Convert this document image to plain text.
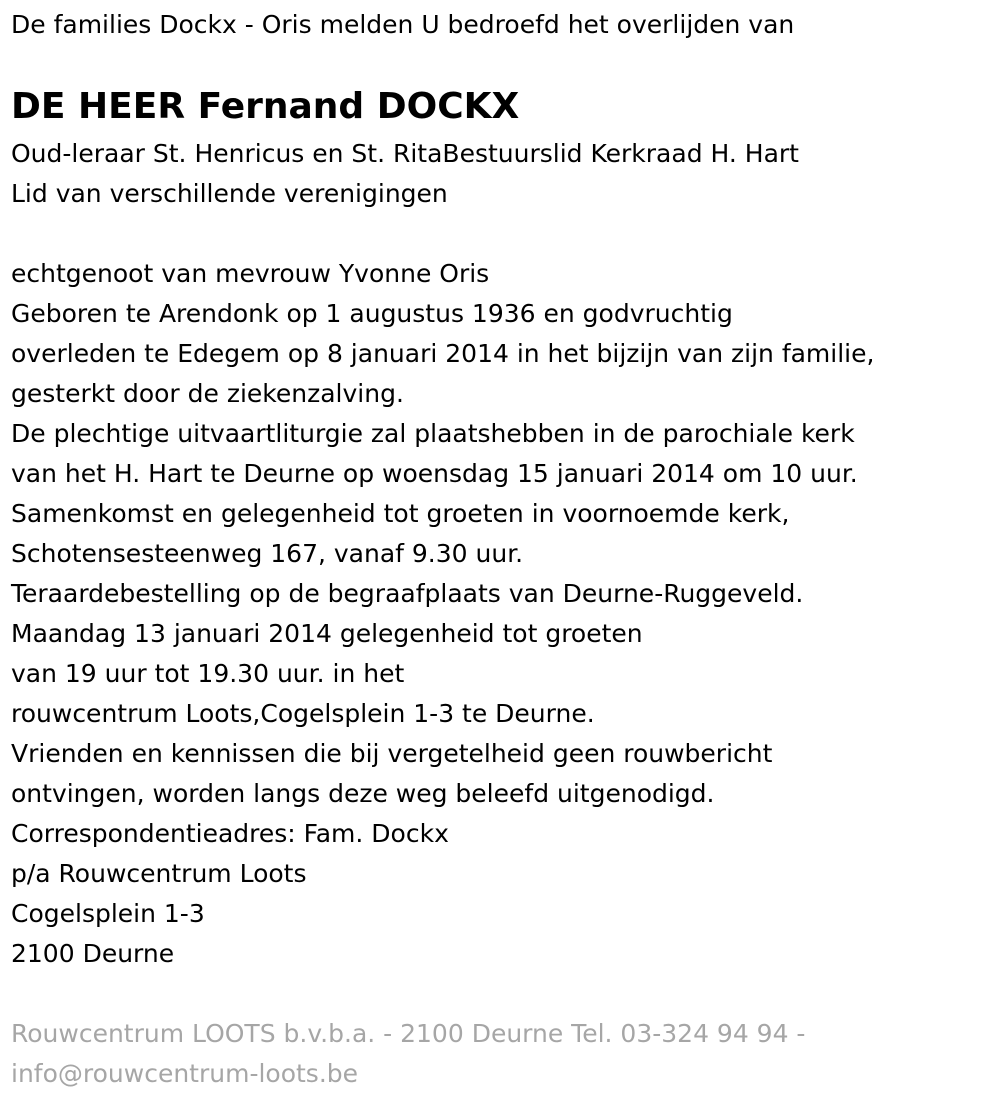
De families Dockx - Oris melden U bedroefd het overlijden van
DE HEER Fernand DOCKX
Oud-leraar St. Henricus en St. RitaBestuurslid Kerkraad H. Hart
Lid van verschillende verenigingen
echtgenoot van mevrouw Yvonne Oris
Geboren te Arendonk op 1 augustus 1936 en godvruchtig
overleden te Edegem op 8 januari 2014 in het bijzijn van zijn familie,
gesterkt door de ziekenzalving.
De plechtige uitvaartliturgie zal plaatshebben in de parochiale kerk
van het H. Hart te Deurne op woensdag 15 januari 2014 om 10 uur.
Samenkomst en gelegenheid tot groeten in voornoemde kerk,
Schotensesteenweg 167, vanaf 9.30 uur.
Teraardebestelling op de begraafplaats van Deurne-Ruggeveld.
Maandag 13 januari 2014 gelegenheid tot groeten
van 19 uur tot 19.30 uur. in het
rouwcentrum Loots,Cogelsplein 1-3 te Deurne.
Vrienden en kennissen die bij vergetelheid geen rouwbericht
ontvingen, worden langs deze weg beleefd uitgenodigd.
Correspondentieadres: Fam. Dockx
p/a Rouwcentrum Loots
Cogelsplein 1-3
2100 Deurne
Rouwcentrum LOOTS b.v.b.a. - 2100 Deurne Tel. 03-324 94 94 -
info@rouwcentrum-loots.be
